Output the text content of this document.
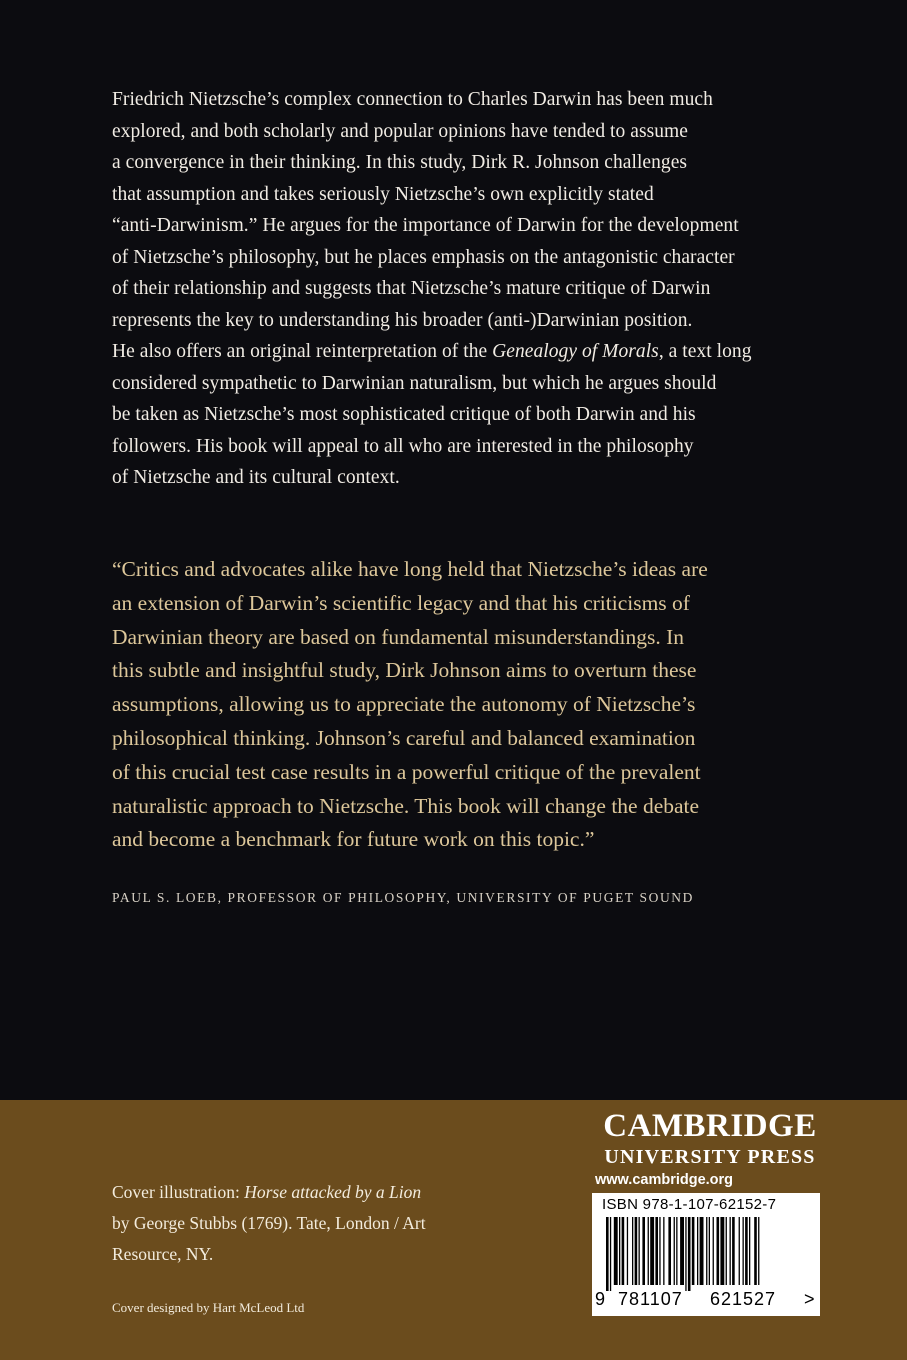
Friedrich Nietzsche’s complex connection to Charles Darwin has been much

explored, and both scholarly and popular opinions have tended to assume

a convergence in their thinking. In this study, Dirk R. Johnson challenges

that assumption and takes seriously Nietzsche’s own explicitly stated

“anti-Darwinism.” He argues for the importance of Darwin for the development

of Nietzsche’s philosophy, but he places emphasis on the antagonistic character

of their relationship and suggests that Nietzsche’s mature critique of Darwin

represents the key to understanding his broader (anti-)Darwinian position.

He also offers an original reinterpretation of the Genealogy of Morals, a text long

considered sympathetic to Darwinian naturalism, but which he argues should

be taken as Nietzsche’s most sophisticated critique of both Darwin and his

followers. His book will appeal to all who are interested in the philosophy

of Nietzsche and its cultural context.

“Critics and advocates alike have long held that Nietzsche’s ideas are

an extension of Darwin’s scientific legacy and that his criticisms of

Darwinian theory are based on fundamental misunderstandings. In

this subtle and insightful study, Dirk Johnson aims to overturn these

assumptions, allowing us to appreciate the autonomy of Nietzsche’s

philosophical thinking. Johnson’s careful and balanced examination

of this crucial test case results in a powerful critique of the prevalent

naturalistic approach to Nietzsche. This book will change the debate

and become a benchmark for future work on this topic.”

PAUL S. LOEB, PROFESSOR OF PHILOSOPHY, UNIVERSITY OF PUGET SOUND
Cover illustration: Horse attacked by a Lion
by George Stubbs (1769). Tate, London / Art
Resource, NY.
Cover designed by Hart McLeod Ltd
CAMBRIDGE
UNIVERSITY PRESS
www.cambridge.org
ISBN 978-1-107-62152-7
9 781107 621527 >
